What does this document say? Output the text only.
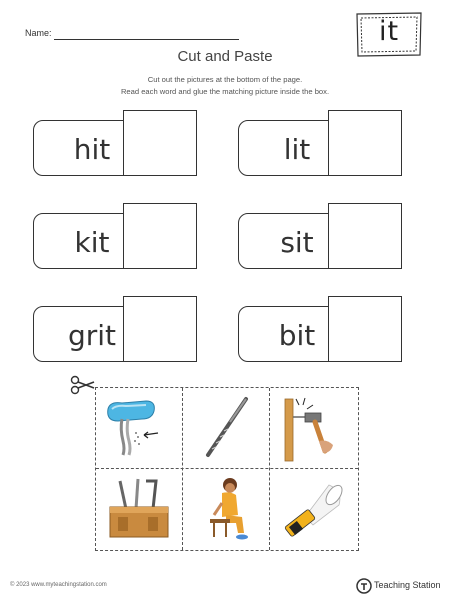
Name:	it
Cut and Paste
Cut out the pictures at the bottom of the page.
Read each word and glue the matching picture inside the box.
hit	lit
kit	sit
grit	bit
© 2023 www.myteachingstation.com	Teaching Station
